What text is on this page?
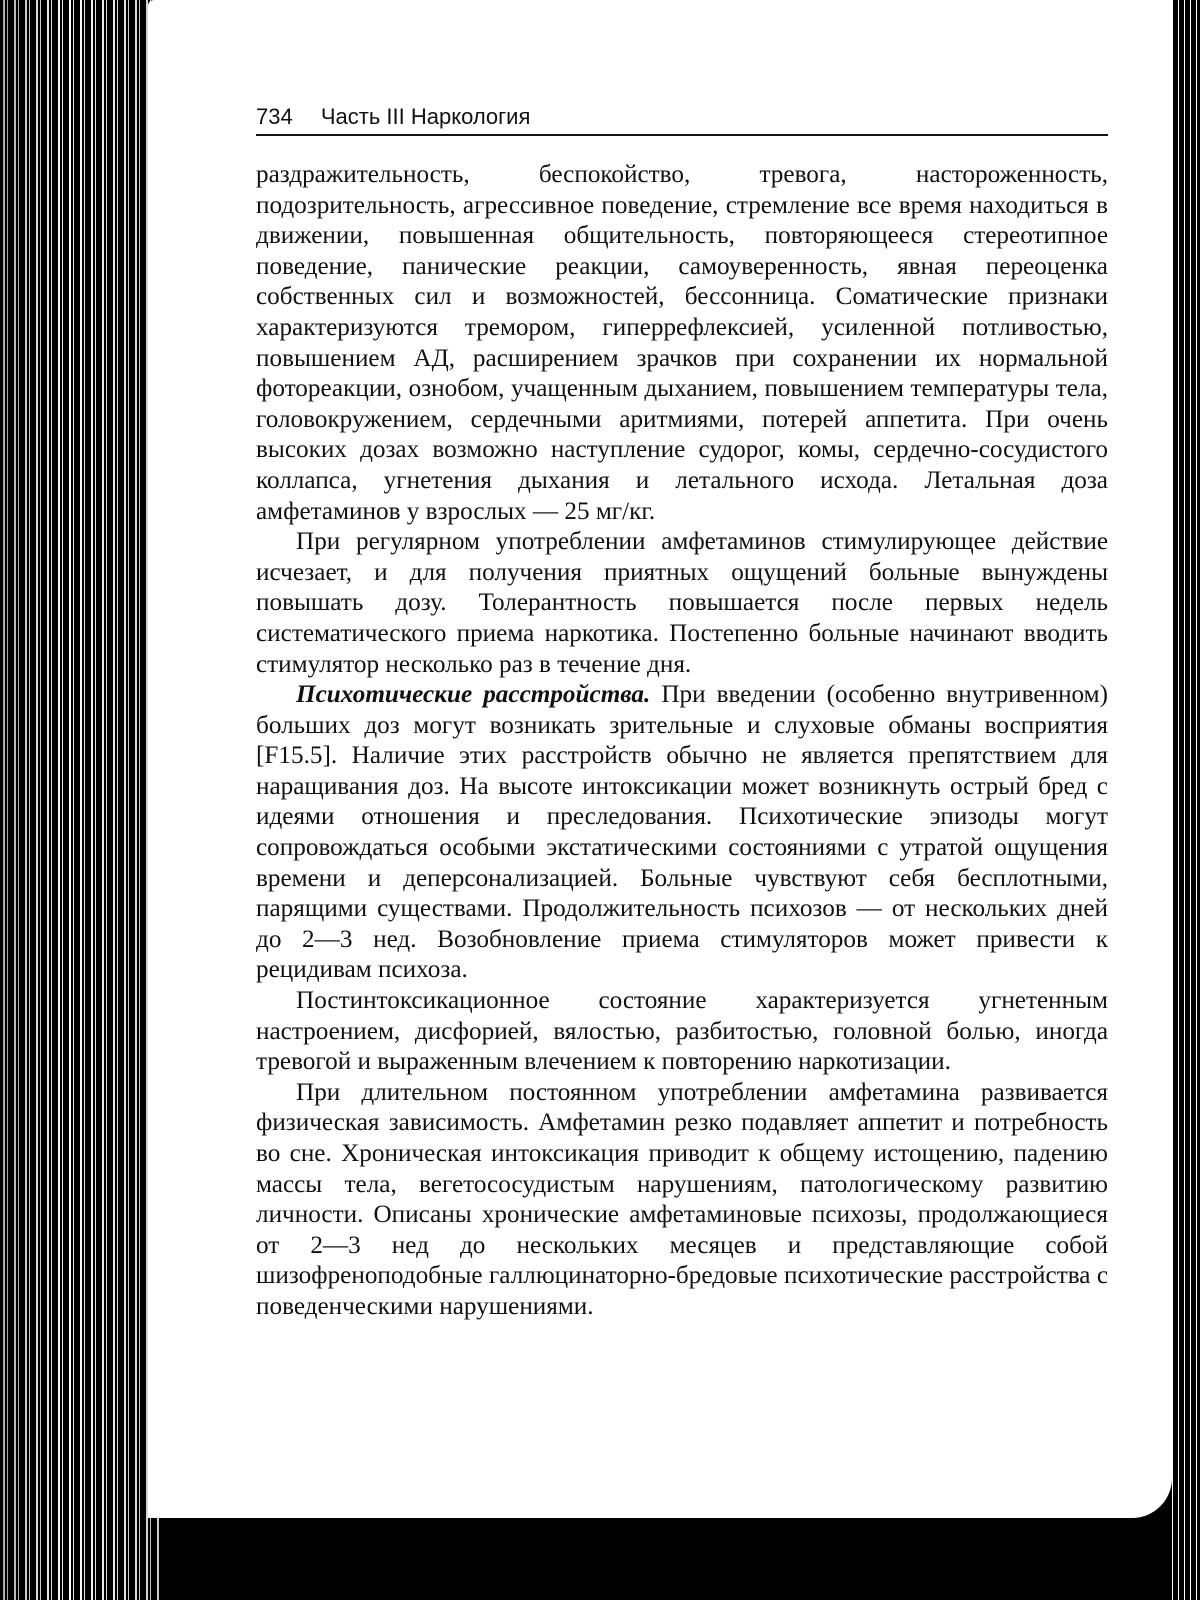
734 Часть III Наркология

раздражительность, беспокойство, тревога, настороженность, подозрительность, агрессивное поведение, стремление все время находиться в движении, повышенная общительность, повторяющееся стереотипное поведение, панические реакции, самоуверенность, явная переоценка собственных сил и возможностей, бессонница. Соматические признаки характеризуются тремором, гиперрефлексией, усиленной потливостью, повышением АД, расширением зрачков при сохранении их нормальной фотореакции, ознобом, учащенным дыханием, повышением температуры тела, головокружением, сердечными аритмиями, потерей аппетита. При очень высоких дозах возможно наступление судорог, комы, сердечно-сосудистого коллапса, угнетения дыхания и летального исхода. Летальная доза амфетаминов у взрослых — 25 мг/кг.

При регулярном употреблении амфетаминов стимулирующее действие исчезает, и для получения приятных ощущений больные вынуждены повышать дозу. Толерантность повышается после первых недель систематического приема наркотика. Постепенно больные начинают вводить стимулятор несколько раз в течение дня.

Психотические расстройства. При введении (особенно внутривенном) больших доз могут возникать зрительные и слуховые обманы восприятия [F15.5]. Наличие этих расстройств обычно не является препятствием для наращивания доз. На высоте интоксикации может возникнуть острый бред с идеями отношения и преследования. Психотические эпизоды могут сопровождаться особыми экстатическими состояниями с утратой ощущения времени и деперсонализацией. Больные чувствуют себя бесплотными, парящими существами. Продолжительность психозов — от нескольких дней до 2—3 нед. Возобновление приема стимуляторов может привести к рецидивам психоза.

Постинтоксикационное состояние характеризуется угнетенным настроением, дисфорией, вялостью, разбитостью, головной болью, иногда тревогой и выраженным влечением к повторению наркотизации.

При длительном постоянном употреблении амфетамина развивается физическая зависимость. Амфетамин резко подавляет аппетит и потребность во сне. Хроническая интоксикация приводит к общему истощению, падению массы тела, вегетососудистым нарушениям, патологическому развитию личности. Описаны хронические амфетаминовые психозы, продолжающиеся от 2—3 нед до нескольких месяцев и представляющие собой шизофреноподобные галлюцинаторно-бредовые психотические расстройства с поведенческими нарушениями.
